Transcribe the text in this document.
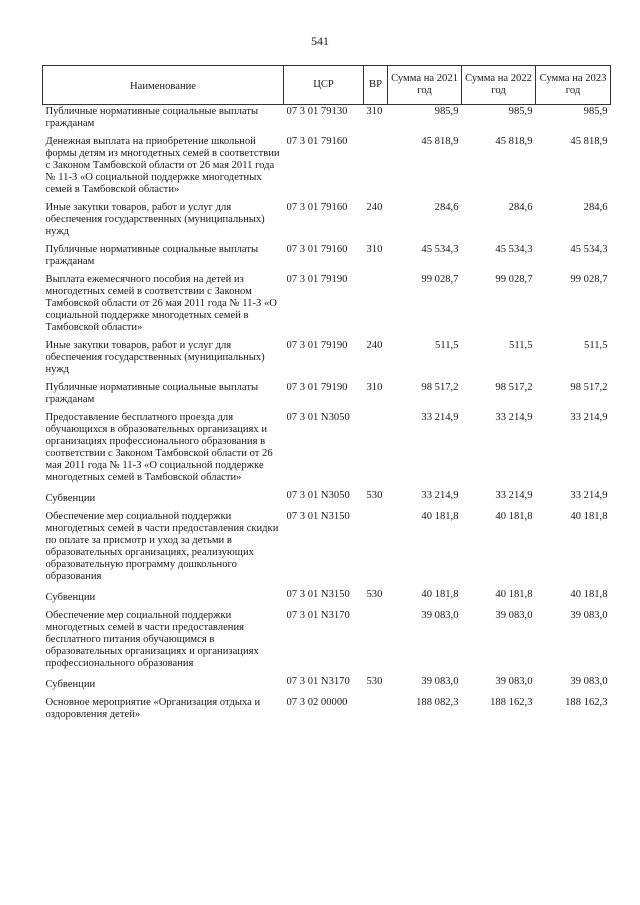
541
Наименование	ЦСР	ВР	Сумма на 2021 год	Сумма на 2022 год	Сумма на 2023 год
Публичные нормативные социальные выплаты гражданам	07 3 01 79130	310	985,9	985,9	985,9
Денежная выплата на приобретение школьной формы детям из многодетных семей в соответствии с Законом Тамбовской области от 26 мая 2011 года № 11-З «О социальной поддержке многодетных семей в Тамбовской области»	07 3 01 79160		45 818,9	45 818,9	45 818,9
Иные закупки товаров, работ и услуг для обеспечения государственных (муниципальных) нужд	07 3 01 79160	240	284,6	284,6	284,6
Публичные нормативные социальные выплаты гражданам	07 3 01 79160	310	45 534,3	45 534,3	45 534,3
Выплата ежемесячного пособия на детей из многодетных семей в соответствии с Законом Тамбовской области от 26 мая 2011 года № 11-З «О социальной поддержке многодетных семей в Тамбовской области»	07 3 01 79190		99 028,7	99 028,7	99 028,7
Иные закупки товаров, работ и услуг для обеспечения государственных (муниципальных) нужд	07 3 01 79190	240	511,5	511,5	511,5
Публичные нормативные социальные выплаты гражданам	07 3 01 79190	310	98 517,2	98 517,2	98 517,2
Предоставление бесплатного проезда для обучающихся в образовательных организациях и организациях профессионального образования в соответствии с Законом Тамбовской области от 26 мая 2011 года № 11-З «О социальной поддержке многодетных семей в Тамбовской области»	07 3 01 N3050		33 214,9	33 214,9	33 214,9
Субвенции	07 3 01 N3050	530	33 214,9	33 214,9	33 214,9
Обеспечение мер социальной поддержки многодетных семей в части предоставления скидки по оплате за присмотр и уход за детьми в образовательных организациях, реализующих образовательную программу дошкольного образования	07 3 01 N3150		40 181,8	40 181,8	40 181,8
Субвенции	07 3 01 N3150	530	40 181,8	40 181,8	40 181,8
Обеспечение мер социальной поддержки многодетных семей в части предоставления бесплатного питания обучающимся в образовательных организациях и организациях профессионального образования	07 3 01 N3170		39 083,0	39 083,0	39 083,0
Субвенции	07 3 01 N3170	530	39 083,0	39 083,0	39 083,0
Основное мероприятие «Организация отдыха и оздоровления детей»	07 3 02 00000		188 082,3	188 162,3	188 162,3
